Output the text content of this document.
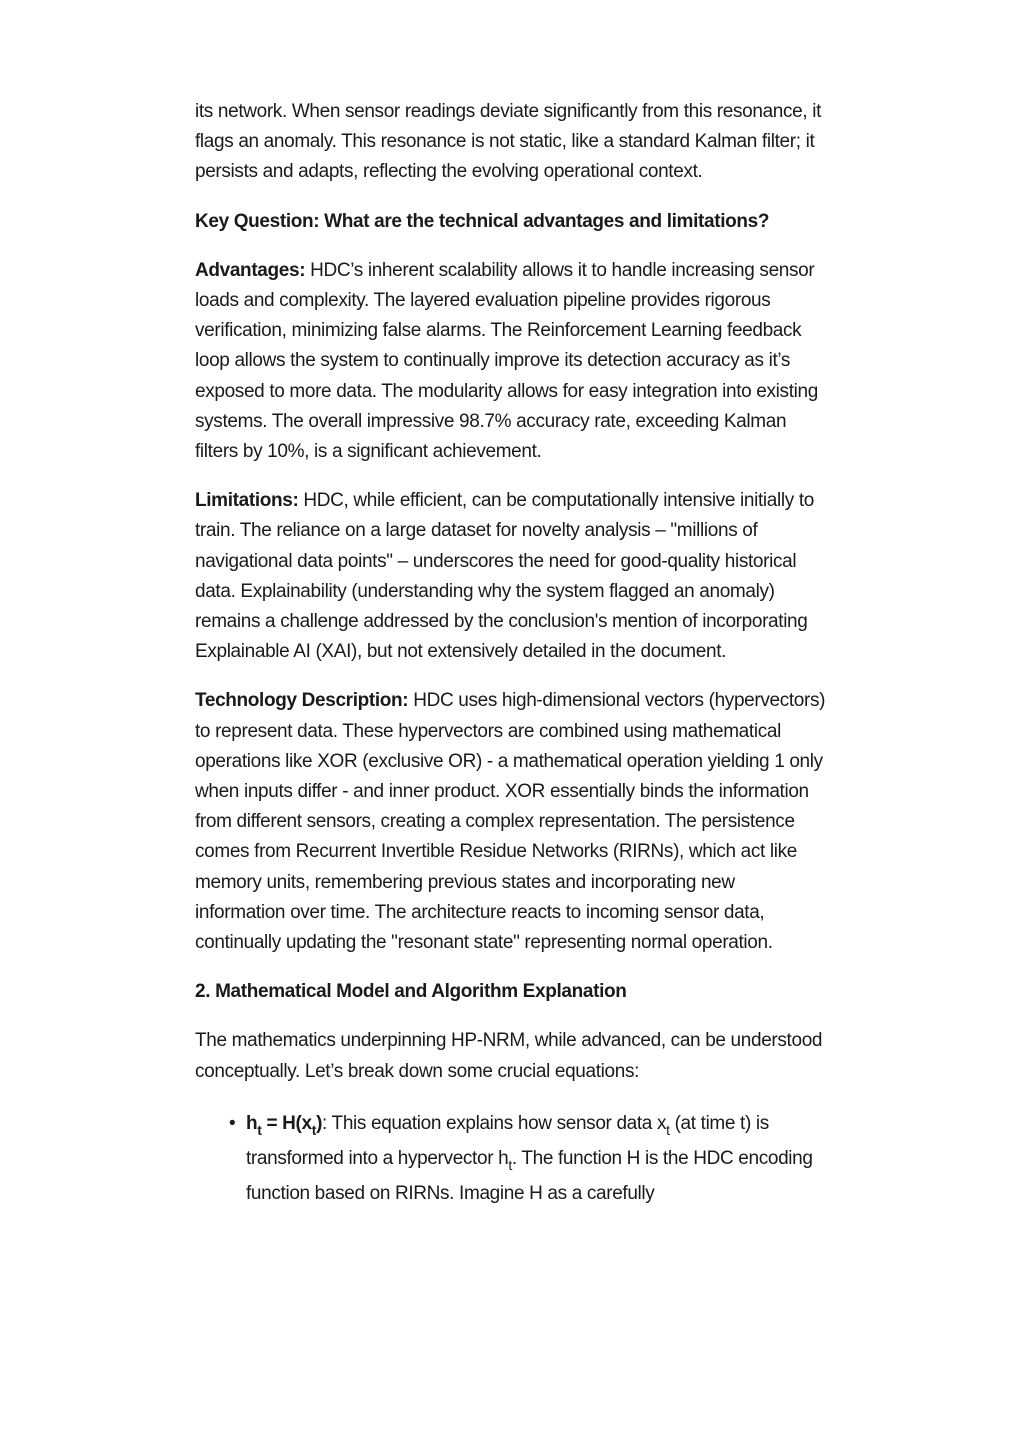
its network. When sensor readings deviate significantly from this resonance, it flags an anomaly. This resonance is not static, like a standard Kalman filter; it persists and adapts, reflecting the evolving operational context.

Key Question: What are the technical advantages and limitations?

Advantages: HDC’s inherent scalability allows it to handle increasing sensor loads and complexity. The layered evaluation pipeline provides rigorous verification, minimizing false alarms. The Reinforcement Learning feedback loop allows the system to continually improve its detection accuracy as it’s exposed to more data. The modularity allows for easy integration into existing systems. The overall impressive 98.7% accuracy rate, exceeding Kalman filters by 10%, is a significant achievement.

Limitations: HDC, while efficient, can be computationally intensive initially to train. The reliance on a large dataset for novelty analysis – "millions of navigational data points" – underscores the need for good-quality historical data. Explainability (understanding why the system flagged an anomaly) remains a challenge addressed by the conclusion's mention of incorporating Explainable AI (XAI), but not extensively detailed in the document.

Technology Description: HDC uses high-dimensional vectors (hypervectors) to represent data. These hypervectors are combined using mathematical operations like XOR (exclusive OR) - a mathematical operation yielding 1 only when inputs differ - and inner product. XOR essentially binds the information from different sensors, creating a complex representation. The persistence comes from Recurrent Invertible Residue Networks (RIRNs), which act like memory units, remembering previous states and incorporating new information over time. The architecture reacts to incoming sensor data, continually updating the "resonant state" representing normal operation.

2. Mathematical Model and Algorithm Explanation

The mathematics underpinning HP-NRM, while advanced, can be understood conceptually. Let’s break down some crucial equations:

• $h_t = H(x_t)$: This equation explains how sensor data $x_t$ (at time t) is transformed into a hypervector $h_t$. The function H is the HDC encoding function based on RIRNs. Imagine H as a carefully
